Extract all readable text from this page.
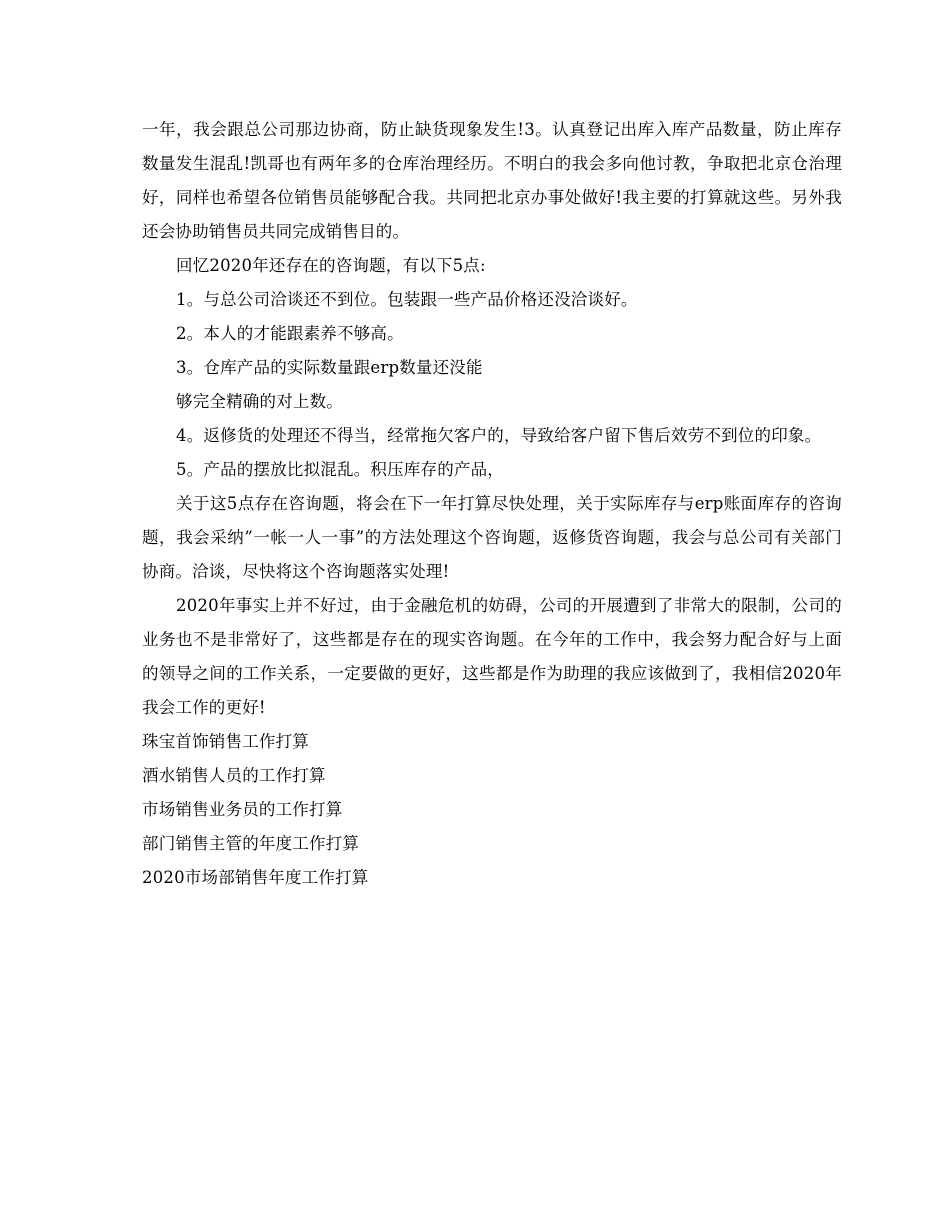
一年，我会跟总公司那边协商，防止缺货现象发生!3。认真登记出库入库产品数量，防止库存数量发生混乱!凯哥也有两年多的仓库治理经历。不明白的我会多向他讨教，争取把北京仓治理好，同样也希望各位销售员能够配合我。共同把北京办事处做好!我主要的打算就这些。另外我还会协助销售员共同完成销售目的。

回忆2020年还存在的咨询题，有以下5点:

1。与总公司洽谈还不到位。包装跟一些产品价格还没洽谈好。

2。本人的才能跟素养不够高。

3。仓库产品的实际数量跟erp数量还没能

够完全精确的对上数。

4。返修货的处理还不得当，经常拖欠客户的，导致给客户留下售后效劳不到位的印象。

5。产品的摆放比拟混乱。积压库存的产品，

关于这5点存在咨询题，将会在下一年打算尽快处理，关于实际库存与erp账面库存的咨询题，我会采纳”一帐一人一事”的方法处理这个咨询题，返修货咨询题，我会与总公司有关部门协商。洽谈，尽快将这个咨询题落实处理!

2020年事实上并不好过，由于金融危机的妨碍，公司的开展遭到了非常大的限制，公司的业务也不是非常好了，这些都是存在的现实咨询题。在今年的工作中，我会努力配合好与上面的领导之间的工作关系，一定要做的更好，这些都是作为助理的我应该做到了，我相信2020年我会工作的更好!

珠宝首饰销售工作打算
酒水销售人员的工作打算
市场销售业务员的工作打算
部门销售主管的年度工作打算
2020市场部销售年度工作打算
